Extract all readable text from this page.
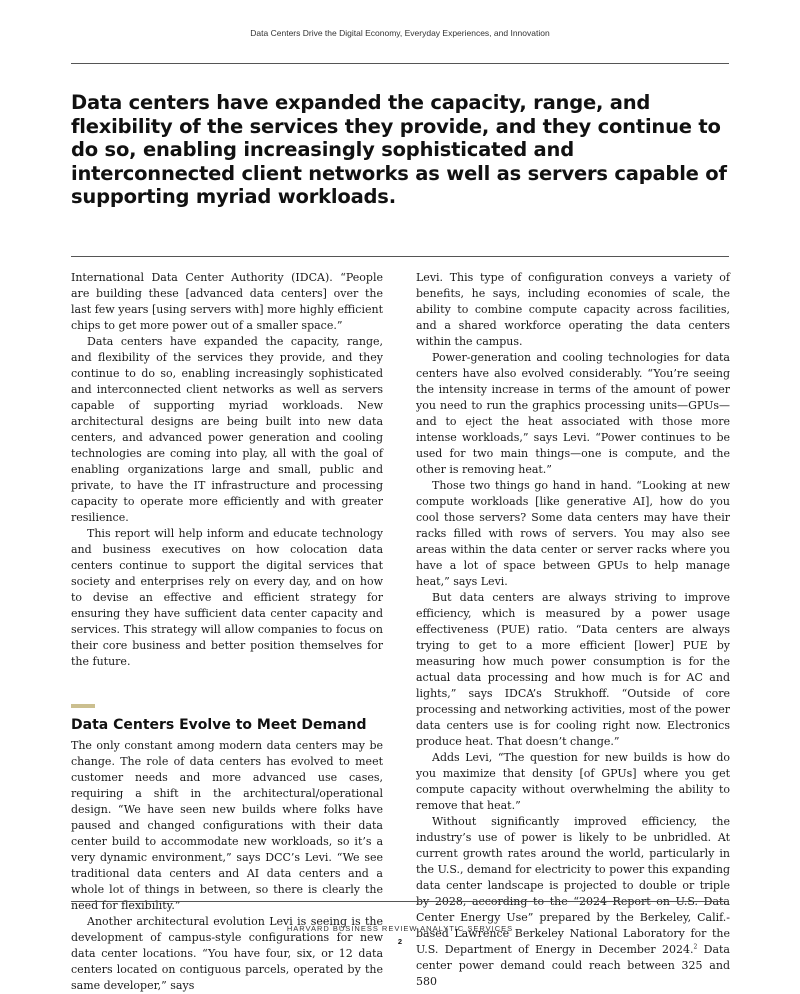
Data Centers Drive the Digital Economy, Everyday Experiences, and Innovation
Data centers have expanded the capacity, range, and flexibility of the services they provide, and they continue to do so, enabling increasingly sophisticated and interconnected client networks as well as servers capable of supporting myriad workloads.

International Data Center Authority (IDCA). “People are building these [advanced data centers] over the last few years [using servers with] more highly efficient chips to get more power out of a smaller space.”

Data centers have expanded the capacity, range, and flexibility of the services they provide, and they continue to do so, enabling increasingly sophisticated and interconnected client networks as well as servers capable of supporting myriad workloads. New architectural designs are being built into new data centers, and advanced power generation and cooling technologies are coming into play, all with the goal of enabling organizations large and small, public and private, to have the IT infrastructure and processing capacity to operate more efficiently and with greater resilience.

This report will help inform and educate technology and business executives on how colocation data centers continue to support the digital services that society and enterprises rely on every day, and on how to devise an effective and efficient strategy for ensuring they have sufficient data center capacity and services. This strategy will allow companies to focus on their core business and better position themselves for the future.

Data Centers Evolve to Meet Demand

The only constant among modern data centers may be change. The role of data centers has evolved to meet customer needs and more advanced use cases, requiring a shift in the architectural/operational design. “We have seen new builds where folks have paused and changed configurations with their data center build to accommodate new workloads, so it’s a very dynamic environment,” says DCC’s Levi. “We see traditional data centers and AI data centers and a whole lot of things in between, so there is clearly the need for flexibility.”

Another architectural evolution Levi is seeing is the development of campus-style configurations for new data center locations. “You have four, six, or 12 data centers located on contiguous parcels, operated by the same developer,” says

Levi. This type of configuration conveys a variety of benefits, he says, including economies of scale, the ability to combine compute capacity across facilities, and a shared workforce operating the data centers within the campus.

Power-generation and cooling technologies for data centers have also evolved considerably. “You’re seeing the intensity increase in terms of the amount of power you need to run the graphics processing units—GPUs—and to eject the heat associated with those more intense workloads,” says Levi. “Power continues to be used for two main things—one is compute, and the other is removing heat.”

Those two things go hand in hand. “Looking at new compute workloads [like generative AI], how do you cool those servers? Some data centers may have their racks filled with rows of servers. You may also see areas within the data center or server racks where you have a lot of space between GPUs to help manage heat,” says Levi.

But data centers are always striving to improve efficiency, which is measured by a power usage effectiveness (PUE) ratio. “Data centers are always trying to get to a more efficient [lower] PUE by measuring how much power consumption is for the actual data processing and how much is for AC and lights,” says IDCA’s Strukhoff. “Outside of core processing and networking activities, most of the power data centers use is for cooling right now. Electronics produce heat. That doesn’t change.”

Adds Levi, “The question for new builds is how do you maximize that density [of GPUs] where you get compute capacity without overwhelming the ability to remove that heat.”

Without significantly improved efficiency, the industry’s use of power is likely to be unbridled. At current growth rates around the world, particularly in the U.S., demand for electricity to power this expanding data center landscape is projected to double or triple by 2028, according to the “2024 Report on U.S. Data Center Energy Use” prepared by the Berkeley, Calif.-based Lawrence Berkeley National Laboratory for the U.S. Department of Energy in December 2024.$^2$ Data center power demand could reach between 325 and 580

HARVARD BUSINESS REVIEW ANALYTIC SERVICES
2
